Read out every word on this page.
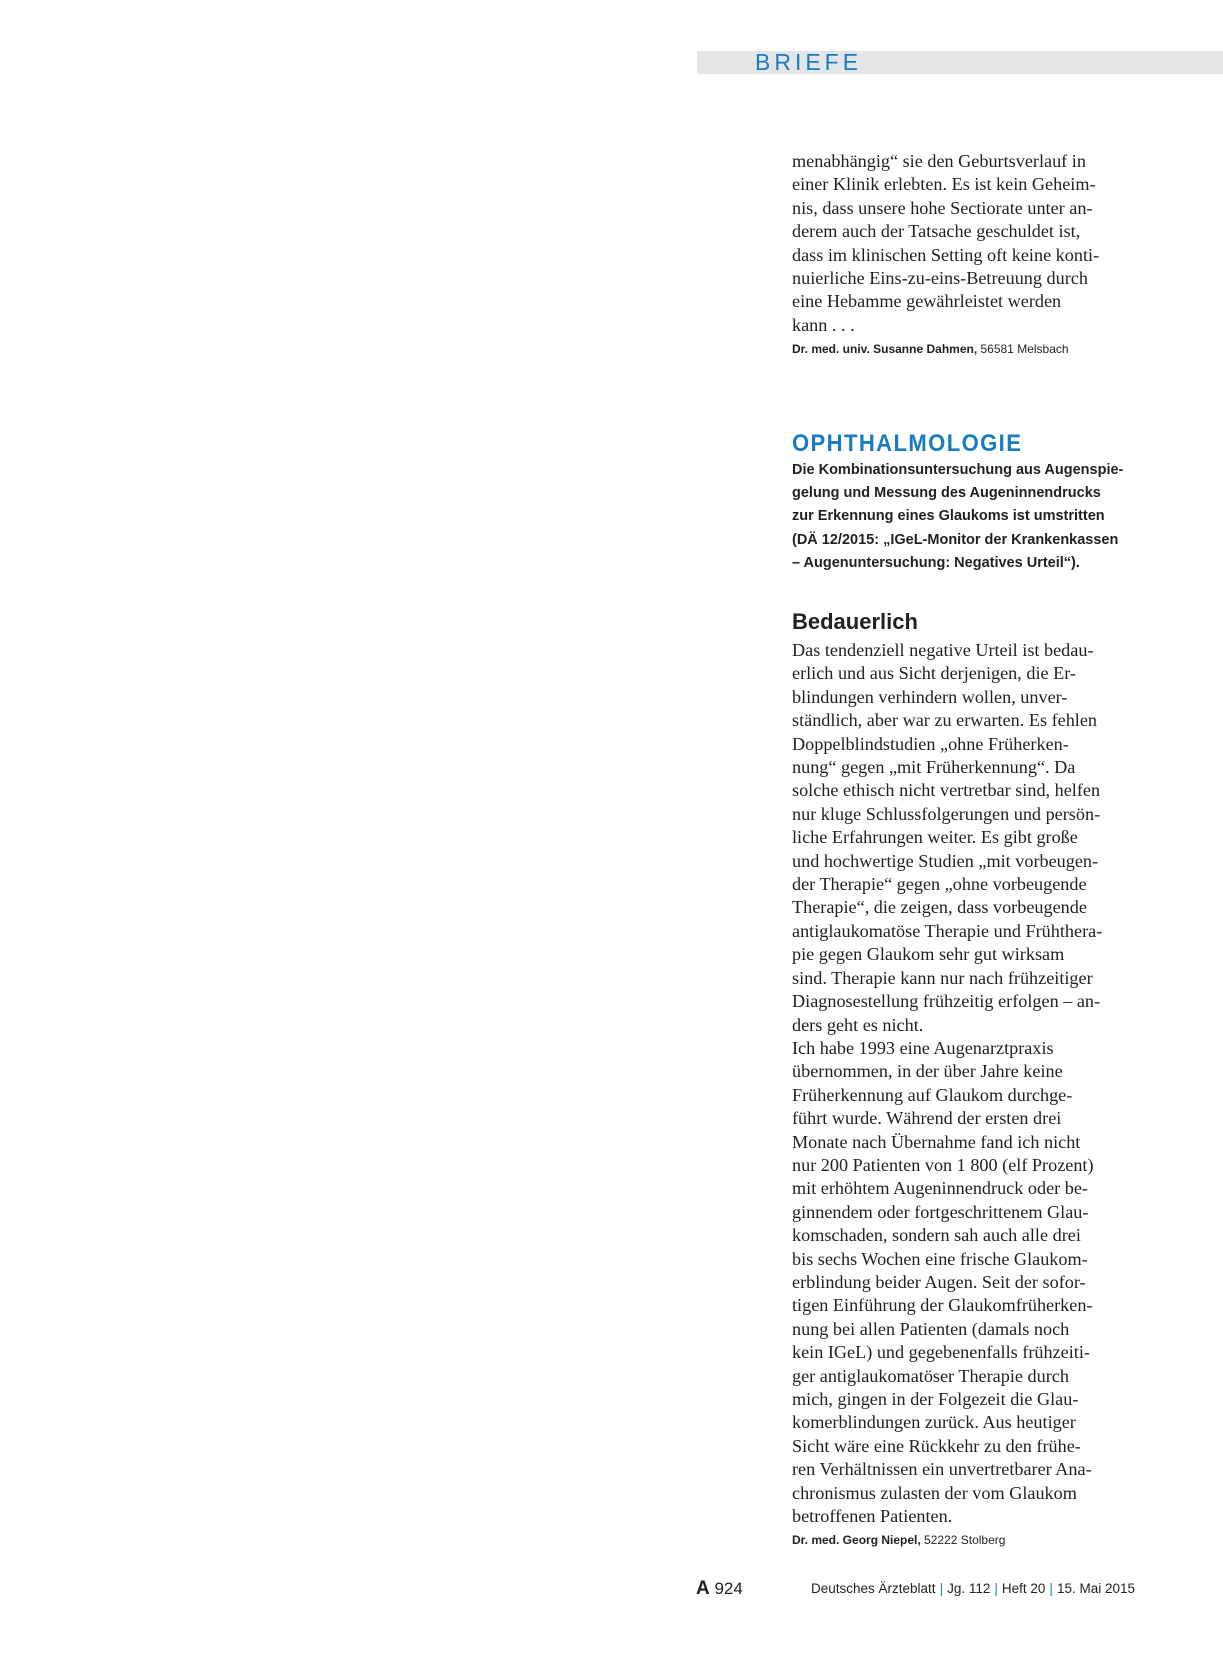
BRIEFE

menabhängig“ sie den Geburtsverlauf in
einer Klinik erlebten. Es ist kein Geheim-
nis, dass unsere hohe Sectiorate unter an-
derem auch der Tatsache geschuldet ist,
dass im klinischen Setting oft keine konti-
nuierliche Eins-zu-eins-Betreuung durch
eine Hebamme gewährleistet werden
kann . . .

Dr. med. univ. Susanne Dahmen, 56581 Melsbach
OPHTHALMOLOGIE

Die Kombinationsuntersuchung aus Augenspie-
gelung und Messung des Augeninnendrucks
zur Erkennung eines Glaukoms ist umstritten
(DÄ 12/2015: „IGeL-Monitor der Krankenkassen
– Augenuntersuchung: Negatives Urteil“).

Bedauerlich

Das tendenziell negative Urteil ist bedau-
erlich und aus Sicht derjenigen, die Er-
blindungen verhindern wollen, unver-
ständlich, aber war zu erwarten. Es fehlen
Doppelblindstudien „ohne Früherken-
nung“ gegen „mit Früherkennung“. Da
solche ethisch nicht vertretbar sind, helfen
nur kluge Schlussfolgerungen und persön-
liche Erfahrungen weiter. Es gibt große
und hochwertige Studien „mit vorbeugen-
der Therapie“ gegen „ohne vorbeugende
Therapie“, die zeigen, dass vorbeugende
antiglaukomatöse Therapie und Frühthera-
pie gegen Glaukom sehr gut wirksam
sind. Therapie kann nur nach frühzeitiger
Diagnosestellung frühzeitig erfolgen – an-
ders geht es nicht.
Ich habe 1993 eine Augenarztpraxis
übernommen, in der über Jahre keine
Früherkennung auf Glaukom durchge-
führt wurde. Während der ersten drei
Monate nach Übernahme fand ich nicht
nur 200 Patienten von 1 800 (elf Prozent)
mit erhöhtem Augeninnendruck oder be-
ginnendem oder fortgeschrittenem Glau-
komschaden, sondern sah auch alle drei
bis sechs Wochen eine frische Glaukom-
erblindung beider Augen. Seit der sofor-
tigen Einführung der Glaukomfrüherken-
nung bei allen Patienten (damals noch
kein IGeL) und gegebenenfalls frühzeiti-
ger antiglaukomatöser Therapie durch
mich, gingen in der Folgezeit die Glau-
komerblindungen zurück. Aus heutiger
Sicht wäre eine Rückkehr zu den frühe-
ren Verhältnissen ein unvertretbarer Ana-
chronismus zulasten der vom Glaukom
betroffenen Patienten.

Dr. med. Georg Niepel, 52222 Stolberg
A 924	Deutsches Ärzteblatt | Jg. 112 | Heft 20 | 15. Mai 2015
